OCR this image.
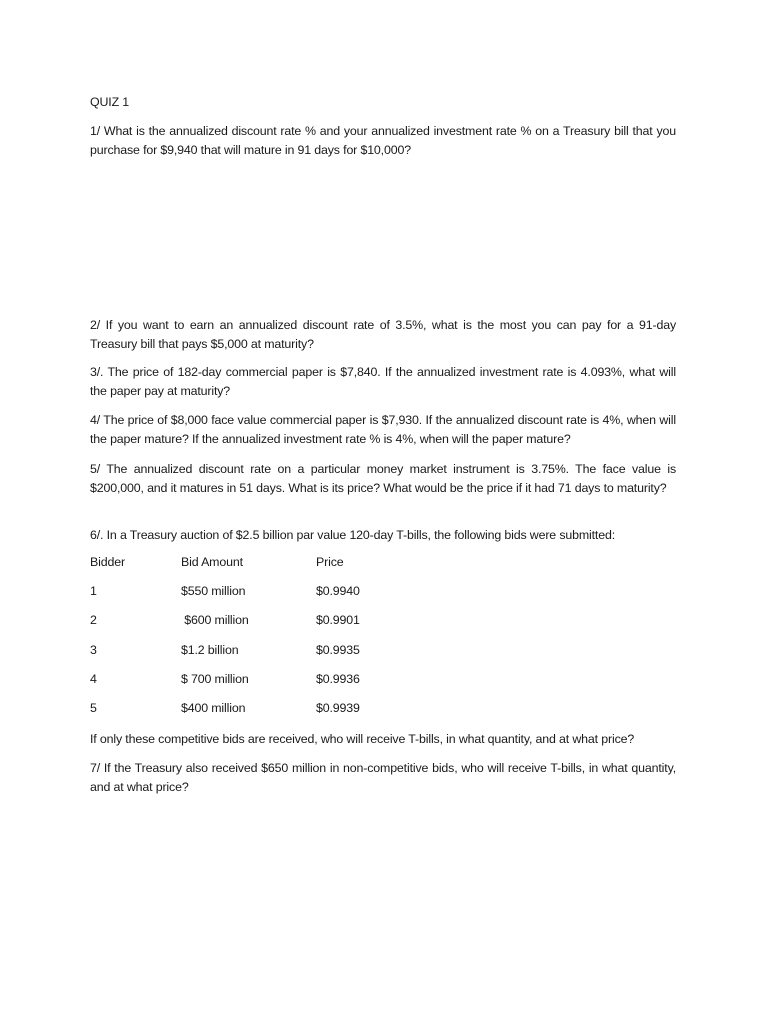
QUIZ 1
1/ What is the annualized discount rate % and your annualized investment rate % on a Treasury bill that you purchase for $9,940 that will mature in 91 days for $10,000?
2/ If you want to earn an annualized discount rate of 3.5%, what is the most you can pay for a 91-day Treasury bill that pays $5,000 at maturity?
3/. The price of 182-day commercial paper is $7,840. If the annualized investment rate is 4.093%, what will the paper pay at maturity?
4/ The price of $8,000 face value commercial paper is $7,930. If the annualized discount rate is 4%, when will the paper mature? If the annualized investment rate % is 4%, when will the paper mature?
5/ The annualized discount rate on a particular money market instrument is 3.75%. The face value is $200,000, and it matures in 51 days. What is its price? What would be the price if it had 71 days to maturity?
6/. In a Treasury auction of $2.5 billion par value 120-day T-bills, the following bids were submitted:
Bidder	Bid Amount	Price
1	$550 million	$0.9940
2	$600 million	$0.9901
3	$1.2 billion	$0.9935
4	$ 700 million	$0.9936
5	$400 million	$0.9939
If only these competitive bids are received, who will receive T-bills, in what quantity, and at what price?
7/ If the Treasury also received $650 million in non-competitive bids, who will receive T-bills, in what quantity, and at what price?
